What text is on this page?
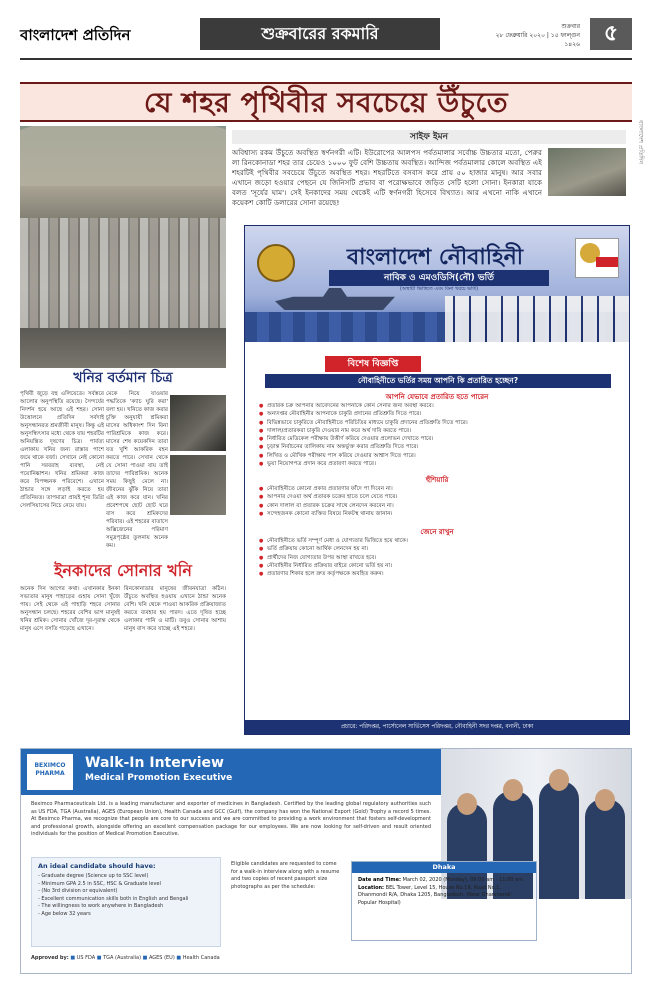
বাংলাদেশ প্রতিদিন	শুক্রবারের রকমারি	শুক্রবার
২৮ ফেব্রুয়ারি ২০২০ | ১৫ ফাল্গুন ১৪২৬	৫
যে শহর পৃথিবীর সবচেয়ে উঁচুতে
সাইফ ইমন
অবিশ্বাস্য রকম উঁচুতে অবস্থিত স্বর্ণনগরী এটি। ইউরোপের আলপস পর্বতমালার সর্বোচ্চ উচ্চতার মতো, পেরুর লা রিনকোনাডা শহর তার চেয়েও ১০০০ ফুট বেশি উচ্চতায় অবস্থিত। আন্দিজ পর্বতমালার কোলে অবস্থিত এই শহরটিই পৃথিবীর সবচেয়ে উঁচুতে অবস্থিত শহর। শহরটিতে বসবাস করে প্রায় ৫০ হাজার মানুষ। আর সবার এখানে জড়ো হওয়ার পেছনে যে জিনিসটি প্রভাব বা পরোক্ষভাবে জড়িত সেটি হলো সোনা। ইনকারা যাকে বলত 'সূর্যের ঘাম'। সেই ইনকাদের সময় থেকেই এটি স্বর্ণনগরী হিসেবে বিখ্যাত। আর এখনো নাকি এখানে কয়েকশ কোটি ডলারের সোনা রয়েছে!
খনির বর্তমান চিত্র
পৃথিবী জুড়ে বহু এলিয়েডে। সর্বস্তরে আলোর অনুপস্থিতি রয়েছে। সৈন্দর্যের নিদর্শন হয়ে আছে এই শহর। সোনা উত্তোলনে প্রতিদিন সর্বদাই অনুসন্ধানরত শ্রমজীবী মানুষ। কিন্তু এই অনুসন্ধিৎসার মধ্যে থেকে যায় শহরটির অনিয়ন্ত্রিত দূষণের চিত্র। পার্বত্য এলাকায় খনির জন্য রাস্তার পাশে জমে থাকে বর্জ্য। সেখানে নেই কোনো পানি সরবরাহ ব্যবস্থা, নেই পয়োনিষ্কাশন। খনির শ্রমিকরা কাজ করে বিপজ্জনক পরিবেশে। এখানে ঠান্ডার সঙ্গে লড়াই করতে হয় প্রতিনিয়ত। তাপমাত্রা প্রায়ই শূন্য ডিগ্রি সেলসিয়াসের নিচে নেমে যায়।
মেকে নিয়ে যাওয়ার পদ্ধতিকে 'ক্যাচ ঘুরি করা' বলা হয়। খনিতে কাজ করার চুক্তি অনুযায়ী শ্রমিকরা মাসের অধিকাংশ দিন বিনা পারিশ্রমিকে কাজ করে। মাসের শেষ কয়েকদিন তারা যত খুশি আকরিক বহন করতে পারে। সেখান থেকে যে সোনা পাওয়া যায় তাই তাদের পারিশ্রমিক। অনেক সময় কিছুই মেলে না। জীবনের ঝুঁকি নিয়ে তারা এই কাজ করে যান। খনির প্রবেশপথে ছোট ছোট ঘরে বাস করে শ্রমিকদের পরিবার। এই শহরের বাতাসে অক্সিজেনের পরিমাণ সমুদ্রপৃষ্ঠের তুলনায় অনেক কম।
ইনকাদের সোনার খনি
অনেক দিন আগের কথা। এখানকার ইনকা সভ্যতার মানুষ পাহাড়ের গুহায় সোনা খুঁজে পায়। সেই থেকে এই পাহাড়ি শহরে সোনার অনুসন্ধান চলছে। শহরের বেশির ভাগ মানুষই খনির শ্রমিক। সোনার খোঁজে দূর-দূরান্ত থেকে মানুষ এসে বসতি গড়েছে এখানে।
রিনকোনাডার মানুষের জীবনযাত্রা কঠিন। উঁচুতে অবস্থিত হওয়ায় এখানে ঠান্ডা অনেক বেশি। খনি থেকে পাওয়া আকরিক প্রক্রিয়াজাত করতে ব্যবহার হয় পারদ। এতে দূষিত হচ্ছে এলাকার পানি ও মাটি। তবুও সোনার আশায় মানুষ বাস করে যাচ্ছে এই শহরে।
বাংলাদেশ নৌবাহিনী
নাবিক ও এমওডিসি(নৌ) ভর্তি
(অস্থায়ী ভিত্তিতে এবং বিনা খরচে ভর্তি)
বিশেষ বিজ্ঞপ্তি
নৌবাহিনীতে ভর্তির সময় আপনি কি প্রতারিত হচ্ছেন?
আপনি যেভাবে প্রতারিত হতে পারেন
● প্রতারক চক্র আপনার আবেদনের আপনাকে কোন সেনার জন্য অবস্থা করবে।
● অন্যদপ্তর নৌবাহিনীর আপনাকে চাকুরি প্রদানের প্রতিশ্রুতি দিতে পারে।
● বিভিন্নভাবে চাকুরিতে নৌবাহিনীতে পরিচিতির মাধ্যমে চাকুরি প্রদানের প্রতিশ্রুতি দিতে পারে।
● দালাল/প্রতারকরা চাকুরি দেওয়ার নাম করে অর্থ দাবি করতে পারে।
● নির্ধারিত মেডিকেল পরীক্ষায় উত্তীর্ণ করিয়ে দেওয়ার প্রলোভন দেখাতে পারে।
● চূড়ান্ত নির্বাচনের তালিকায় নাম অন্তর্ভুক্ত করার প্রতিশ্রুতি দিতে পারে।
● লিখিত ও মৌখিক পরীক্ষায় পাস করিয়ে দেওয়ার আশ্বাস দিতে পারে।
● ভুয়া নিয়োগপত্র প্রদান করে প্রতারণা করতে পারে।
হুঁশিয়ারি
● নৌবাহিনীতে কোনো প্রকার প্রতারণার ফাঁদে পা দিবেন না।
● আপনার দেওয়া অর্থ প্রতারক চক্রের হাতে চলে যেতে পারে।
● কোন দালাল বা প্রতারক চক্রের সাথে লেনদেন করবেন না।
● সন্দেহজনক কোনো ব্যক্তির বিষয়ে নিকটস্থ থানায় জানান।
জেনে রাখুন
● নৌবাহিনীতে ভর্তি সম্পূর্ণ মেধা ও যোগ্যতার ভিত্তিতে হয়ে থাকে।
● ভর্তি প্রক্রিয়ায় কোনো আর্থিক লেনদেন হয় না।
● প্রার্থীদের নিজ যোগ্যতার উপর আস্থা রাখতে হবে।
● নৌবাহিনীর নির্ধারিত প্রক্রিয়ার বাইরে কোনো ভর্তি হয় না।
● প্রতারণার শিকার হলে দ্রুত কর্তৃপক্ষকে অবহিত করুন।
প্রচারে: পরিদপ্তর, পার্সোনেল সার্ভিসেস পরিদপ্তর, নৌবাহিনী সদর দপ্তর, বনানী, ঢাকা
বাংলাদেশ প্রতিদিন
BEXIMCO
PHARMA
here's to life
Walk-In Interview
Medical Promotion Executive
Beximco Pharmaceuticals Ltd. is a leading manufacturer and exporter of medicines in Bangladesh. Certified by the leading global regulatory authorities such as US FDA, TGA (Australia), AGES (European Union), Health Canada and GCC (Gulf), the company has won the National Export (Gold) Trophy a record 5 times. At Beximco Pharma, we recognize that people are core to our success and we are committed to providing a work environment that fosters self-development and professional growth, alongside offering an excellent compensation package for our employees. We are now looking for self-driven and result oriented individuals for the position of Medical Promotion Executive.
An ideal candidate should have:
- Graduate degree (Science up to SSC level)
- Minimum GPA 2.5 in SSC, HSC & Graduate level
- (No 3rd division or equivalent)
- Excellent communication skills both in English and Bengali
- The willingness to work anywhere in Bangladesh
- Age below 32 years
Eligible candidates are requested to come for a walk-in interview along with a resume and two copies of recent passport size photographs as per the schedule:
Dhaka
Date and Time: March 02, 2020 (Monday), 09:00 am - 11:00 am
Location: BEL Tower, Level 15, House No.19, Road No.1, Dhanmondi R/A, Dhaka 1205, Bangladesh. (Near Dhanmondi Popular Hospital)
Approved by: ■ US FDA ■ TGA (Australia) ■ AGES (EU) ■ Health Canada
